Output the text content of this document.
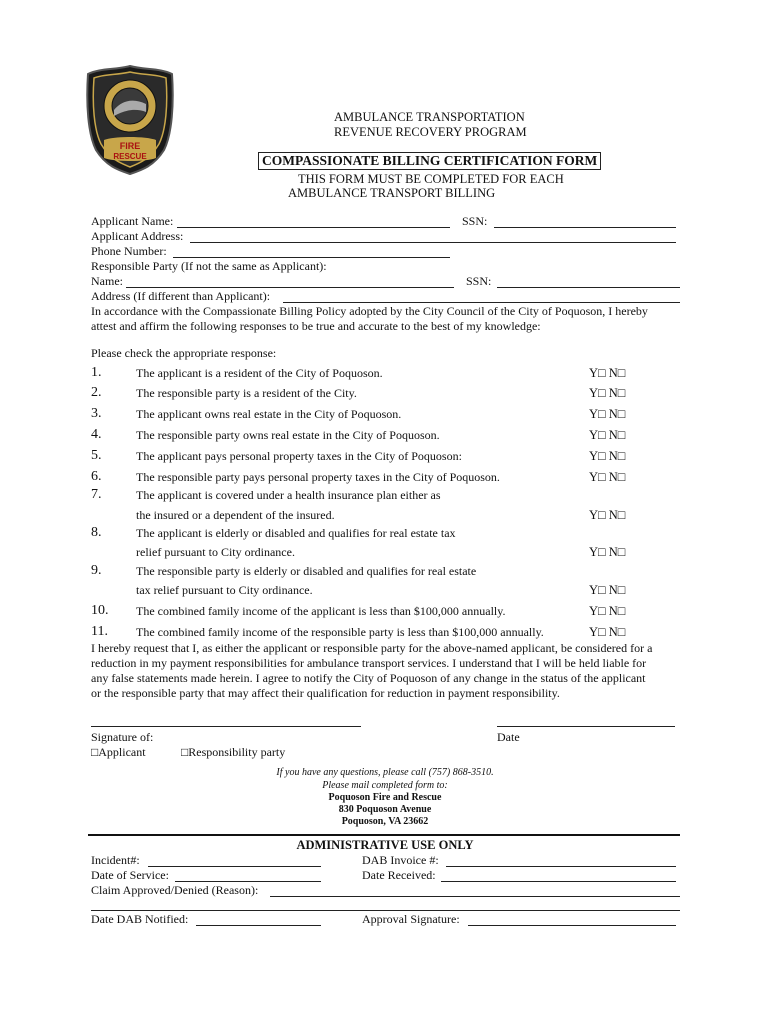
FIRE
RESCUE
AMBULANCE TRANSPORTATION
REVENUE RECOVERY PROGRAM
COMPASSIONATE BILLING CERTIFICATION FORM
THIS FORM MUST BE COMPLETED FOR EACH
AMBULANCE TRANSPORT BILLING
Applicant Name:	SSN:
Applicant Address:
Phone Number:
Responsible Party (If not the same as Applicant):
Name:	SSN:
Address (If different than Applicant):
In accordance with the Compassionate Billing Policy adopted by the City Council of the City of Poquoson, I hereby
attest and affirm the following responses to be true and accurate to the best of my knowledge:
Please check the appropriate response:
1.	The applicant is a resident of the City of Poquoson.	Y□ N□
2.	The responsible party is a resident of the City.	Y□ N□
3.	The applicant owns real estate in the City of Poquoson.	Y□ N□
4.	The responsible party owns real estate in the City of Poquoson.	Y□ N□
5.	The applicant pays personal property taxes in the City of Poquoson:	Y□ N□
6.	The responsible party pays personal property taxes in the City of Poquoson.	Y□ N□
7.	The applicant is covered under a health insurance plan either as
the insured or a dependent of the insured.	Y□ N□
8.	The applicant is elderly or disabled and qualifies for real estate tax
relief pursuant to City ordinance.	Y□ N□
9.	The responsible party is elderly or disabled and qualifies for real estate
tax relief pursuant to City ordinance.	Y□ N□
10. The combined family income of the applicant is less than $100,000 annually.	Y□ N□
11. The combined family income of the responsible party is less than $100,000 annually.	Y□ N□
I hereby request that I, as either the applicant or responsible party for the above-named applicant, be considered for a
reduction in my payment responsibilities for ambulance transport services. I understand that I will be held liable for
any false statements made herein. I agree to notify the City of Poquoson of any change in the status of the applicant
or the responsible party that may affect their qualification for reduction in payment responsibility.
Signature of:	Date
□Applicant	□Responsibility party
If you have any questions, please call (757) 868-3510.
Please mail completed form to:
Poquoson Fire and Rescue
830 Poquoson Avenue
Poquoson, VA 23662
ADMINISTRATIVE USE ONLY
Incident#:	DAB Invoice #:
Date of Service:	Date Received:
Claim Approved/Denied (Reason):
Date DAB Notified:	Approval Signature:
